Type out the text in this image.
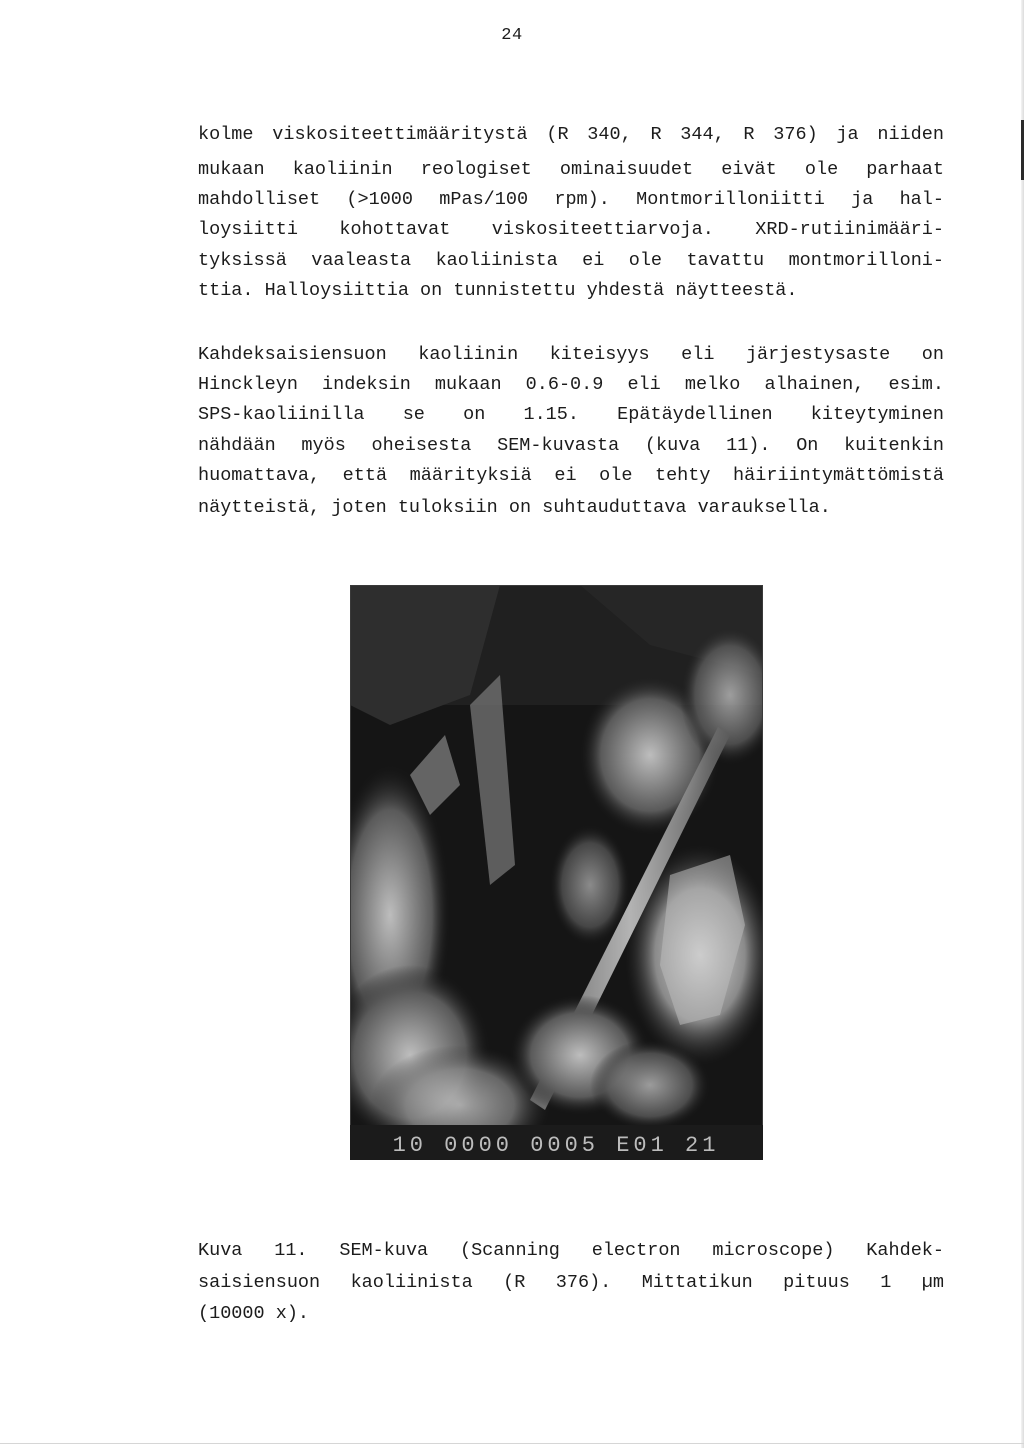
24
kolme viskositeettimääritystä (R 340, R 344, R 376) ja niiden
mukaan kaoliinin reologiset ominaisuudet eivät ole parhaat
mahdolliset (>1000 mPas/100 rpm). Montmorilloniitti ja hal-
loysiitti kohottavat viskositeettiarvoja. XRD-rutiinimääri-
tyksissä vaaleasta kaoliinista ei ole tavattu montmorilloni-
ttia. Halloysiittia on tunnistettu yhdestä näytteestä.
Kahdeksaisiensuon kaoliinin kiteisyys eli järjestysaste on
Hinckleyn indeksin mukaan 0.6-0.9 eli melko alhainen, esim.
SPS-kaoliinilla se on 1.15. Epätäydellinen kiteytyminen
nähdään myös oheisesta SEM-kuvasta (kuva 11). On kuitenkin
huomattava, että määrityksiä ei ole tehty häiriintymättömistä
näytteistä, joten tuloksiin on suhtauduttava varauksella.
10 0000 0005 E01 21
Kuva 11. SEM-kuva (Scanning electron microscope) Kahdek-
saisiensuon kaoliinista (R 376). Mittatikun pituus 1 µm
(10000 x).
